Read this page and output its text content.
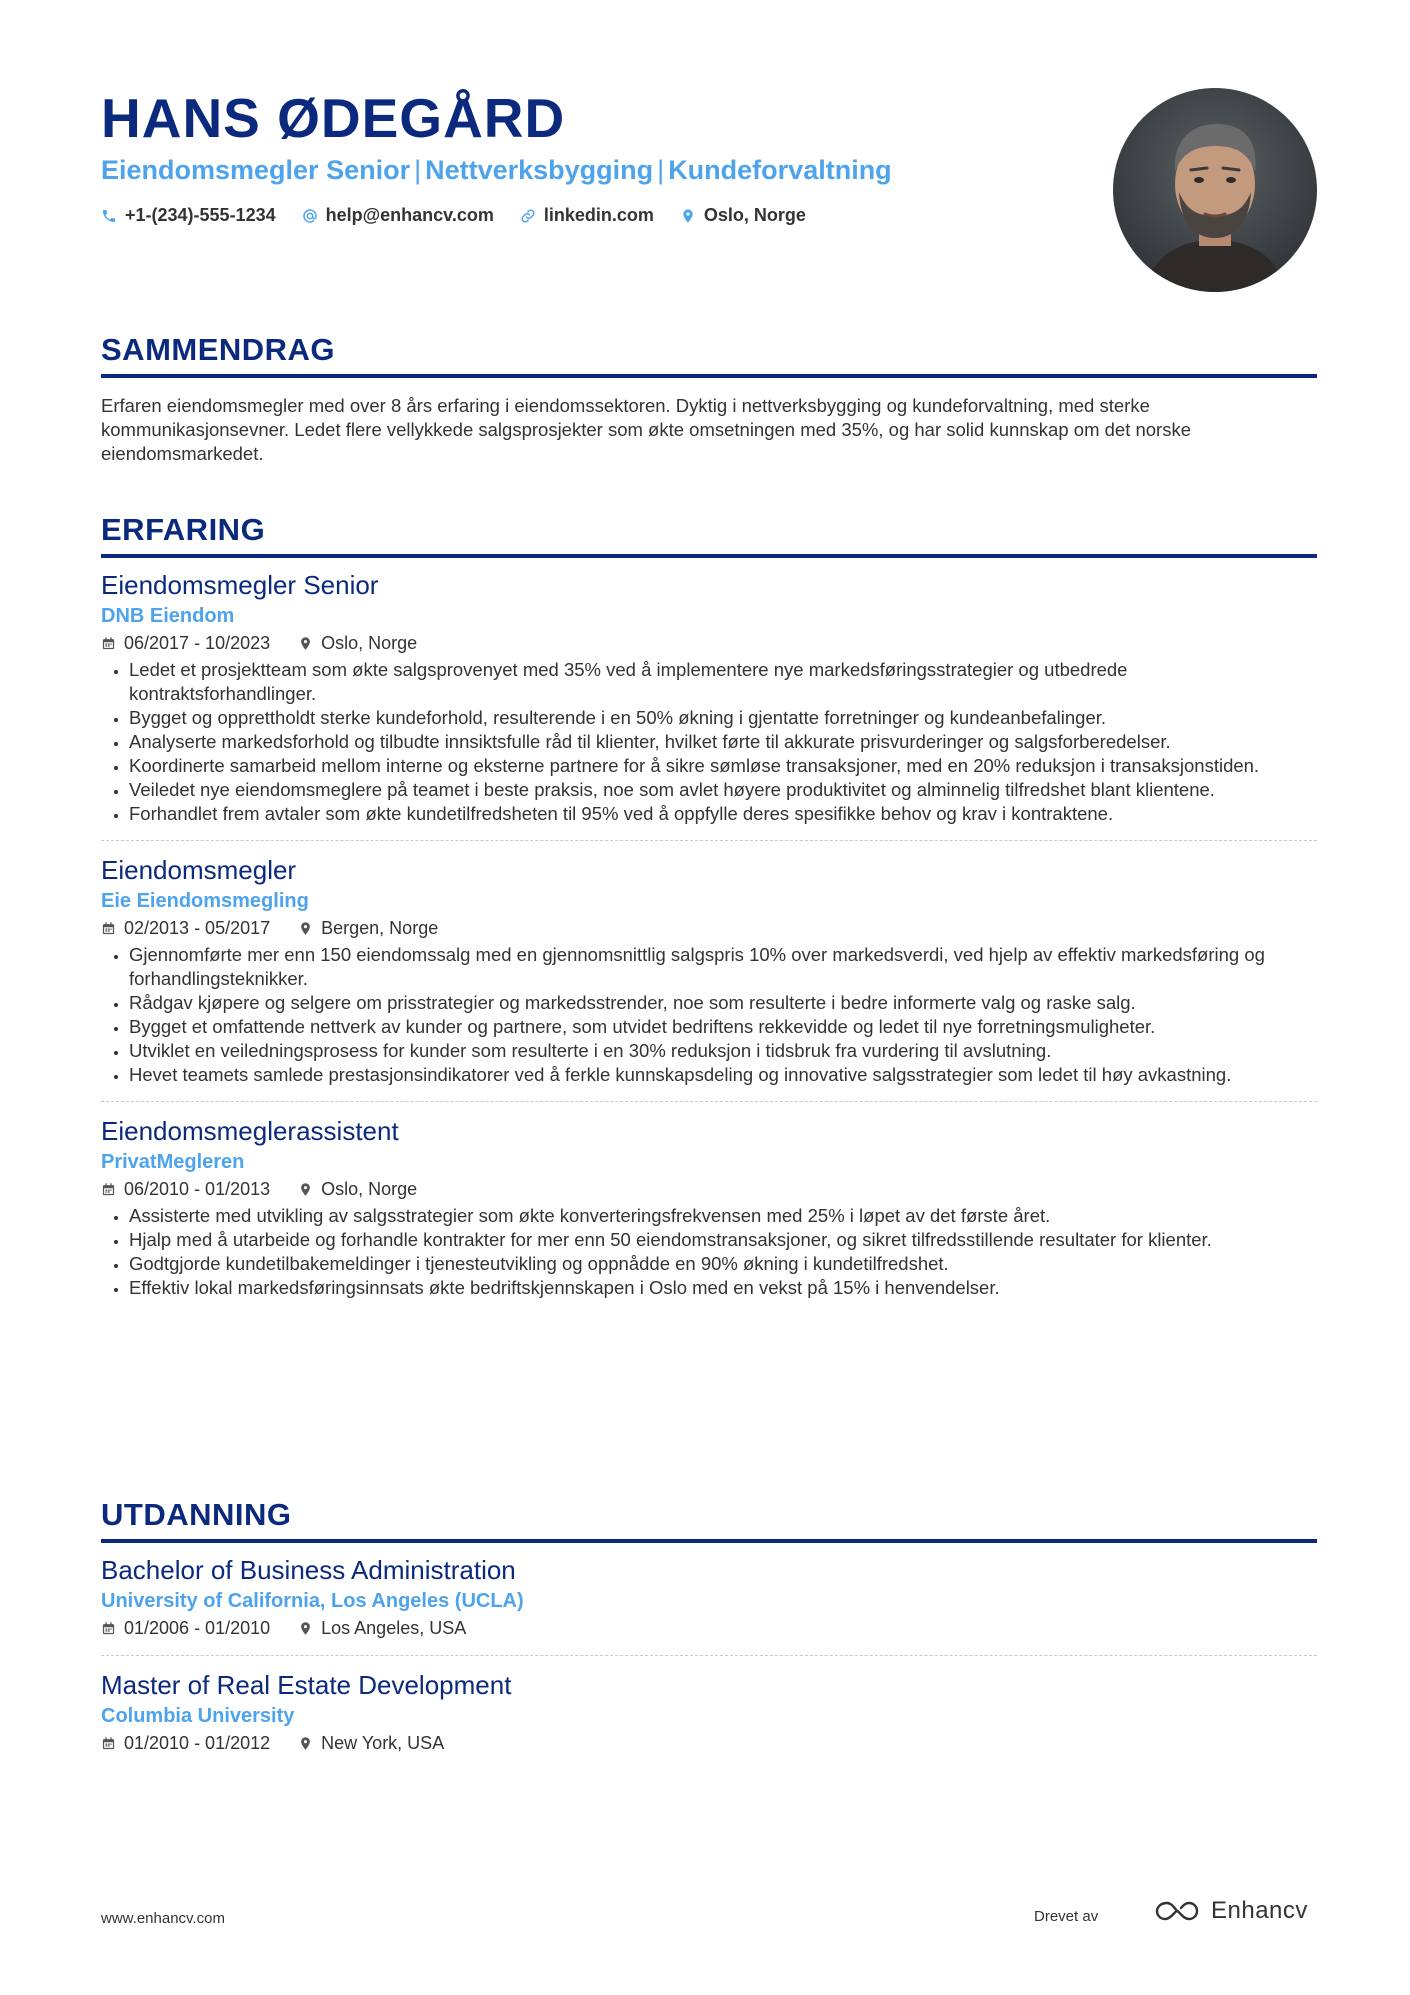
HANS ØDEGÅRD
Eiendomsmegler Senior | Nettverksbygging | Kundeforvaltning
+1-(234)-555-1234	help@enhancv.com	linkedin.com	Oslo, Norge
SAMMENDRAG

Erfaren eiendomsmegler med over 8 års erfaring i eiendomssektoren. Dyktig i nettverksbygging og kundeforvaltning, med sterke kommunikasjonsevner. Ledet flere vellykkede salgsprosjekter som økte omsetningen med 35%, og har solid kunnskap om det norske eiendomsmarkedet.

ERFARING
Eiendomsmegler Senior
DNB Eiendom
06/2017 - 10/2023	Oslo, Norge
• Ledet et prosjektteam som økte salgsprovenyet med 35% ved å implementere nye markedsføringsstrategier og utbedrede kontraktsforhandlinger.
• Bygget og opprettholdt sterke kundeforhold, resulterende i en 50% økning i gjentatte forretninger og kundeanbefalinger.
• Analyserte markedsforhold og tilbudte innsiktsfulle råd til klienter, hvilket førte til akkurate prisvurderinger og salgsforberedelser.
• Koordinerte samarbeid mellom interne og eksterne partnere for å sikre sømløse transaksjoner, med en 20% reduksjon i transaksjonstiden.
• Veiledet nye eiendomsmeglere på teamet i beste praksis, noe som avlet høyere produktivitet og alminnelig tilfredshet blant klientene.
• Forhandlet frem avtaler som økte kundetilfredsheten til 95% ved å oppfylle deres spesifikke behov og krav i kontraktene.
Eiendomsmegler
Eie Eiendomsmegling
02/2013 - 05/2017	Bergen, Norge
• Gjennomførte mer enn 150 eiendomssalg med en gjennomsnittlig salgspris 10% over markedsverdi, ved hjelp av effektiv markedsføring og forhandlingsteknikker.
• Rådgav kjøpere og selgere om prisstrategier og markedsstrender, noe som resulterte i bedre informerte valg og raske salg.
• Bygget et omfattende nettverk av kunder og partnere, som utvidet bedriftens rekkevidde og ledet til nye forretningsmuligheter.
• Utviklet en veiledningsprosess for kunder som resulterte i en 30% reduksjon i tidsbruk fra vurdering til avslutning.
• Hevet teamets samlede prestasjonsindikatorer ved å ferkle kunnskapsdeling og innovative salgsstrategier som ledet til høy avkastning.
Eiendomsmeglerassistent
PrivatMegleren
06/2010 - 01/2013	Oslo, Norge
• Assisterte med utvikling av salgsstrategier som økte konverteringsfrekvensen med 25% i løpet av det første året.
• Hjalp med å utarbeide og forhandle kontrakter for mer enn 50 eiendomstransaksjoner, og sikret tilfredsstillende resultater for klienter.
• Godtgjorde kundetilbakemeldinger i tjenesteutvikling og oppnådde en 90% økning i kundetilfredshet.
• Effektiv lokal markedsføringsinnsats økte bedriftskjennskapen i Oslo med en vekst på 15% i henvendelser.
UTDANNING
Bachelor of Business Administration
University of California, Los Angeles (UCLA)
01/2006 - 01/2010	Los Angeles, USA
Master of Real Estate Development
Columbia University
01/2010 - 01/2012	New York, USA
www.enhancv.com	Drevet av	Enhancv
